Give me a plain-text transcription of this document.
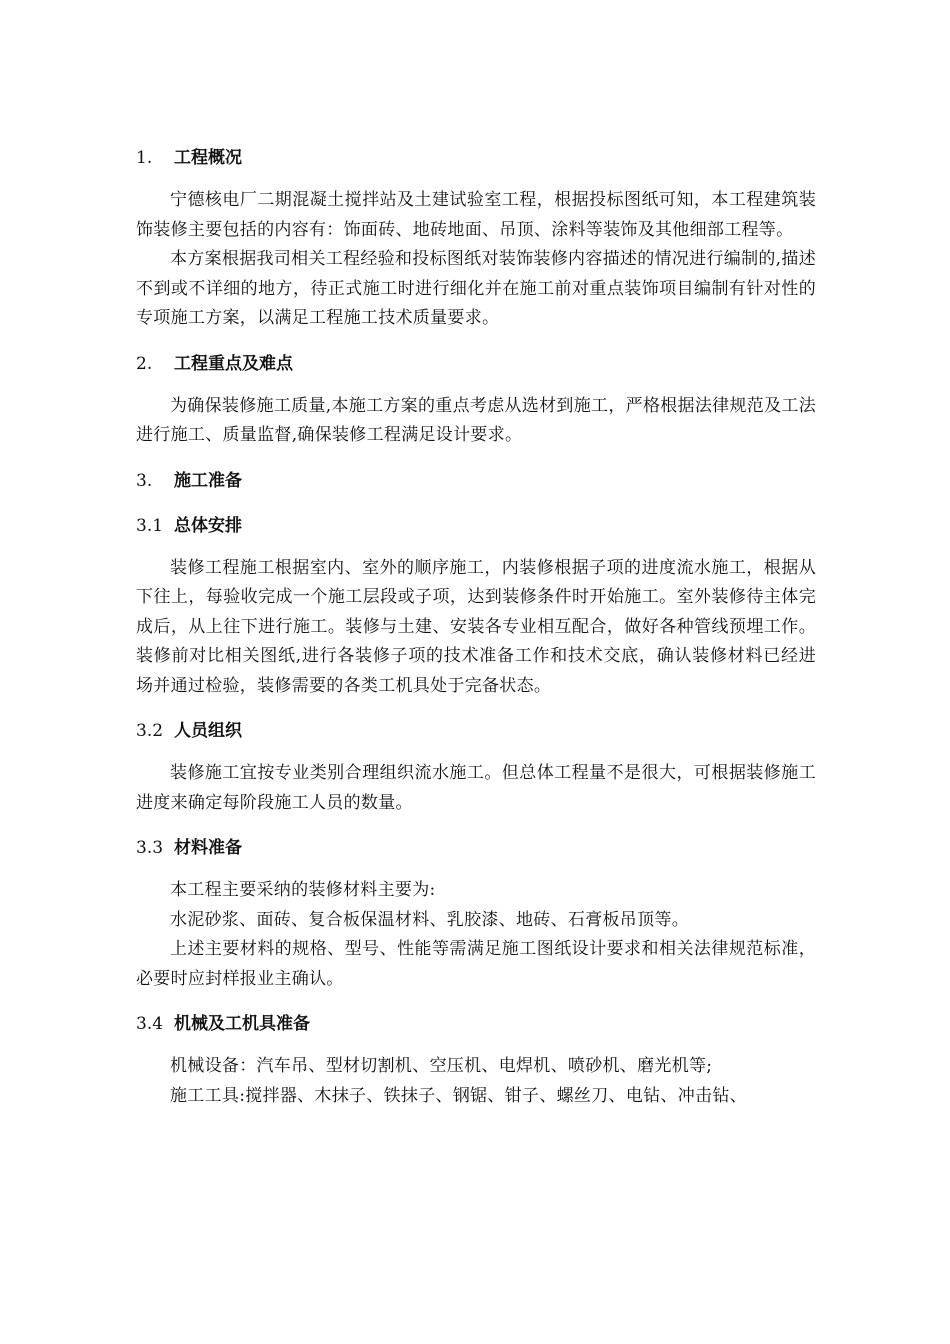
1. 工程概况

宁德核电厂二期混凝土搅拌站及土建试验室工程，根据投标图纸可知，本工程建筑装饰装修主要包括的内容有：饰面砖、地砖地面、吊顶、涂料等装饰及其他细部工程等。

本方案根据我司相关工程经验和投标图纸对装饰装修内容描述的情况进行编制的,描述不到或不详细的地方，待正式施工时进行细化并在施工前对重点装饰项目编制有针对性的专项施工方案，以满足工程施工技术质量要求。

2. 工程重点及难点

为确保装修施工质量,本施工方案的重点考虑从选材到施工，严格根据法律规范及工法进行施工、质量监督,确保装修工程满足设计要求。

3. 施工准备
3.1 总体安排

装修工程施工根据室内、室外的顺序施工，内装修根据子项的进度流水施工，根据从下往上，每验收完成一个施工层段或子项，达到装修条件时开始施工。室外装修待主体完成后，从上往下进行施工。装修与土建、安装各专业相互配合，做好各种管线预埋工作。装修前对比相关图纸,进行各装修子项的技术准备工作和技术交底，确认装修材料已经进场并通过检验，装修需要的各类工机具处于完备状态。

3.2 人员组织

装修施工宜按专业类别合理组织流水施工。但总体工程量不是很大，可根据装修施工进度来确定每阶段施工人员的数量。

3.3 材料准备

本工程主要采纳的装修材料主要为:

水泥砂浆、面砖、复合板保温材料、乳胶漆、地砖、石膏板吊顶等。

上述主要材料的规格、型号、性能等需满足施工图纸设计要求和相关法律规范标准，必要时应封样报业主确认。

3.4 机械及工机具准备

机械设备：汽车吊、型材切割机、空压机、电焊机、喷砂机、磨光机等;

施工工具:搅拌器、木抹子、铁抹子、钢锯、钳子、螺丝刀、电钻、冲击钻、
